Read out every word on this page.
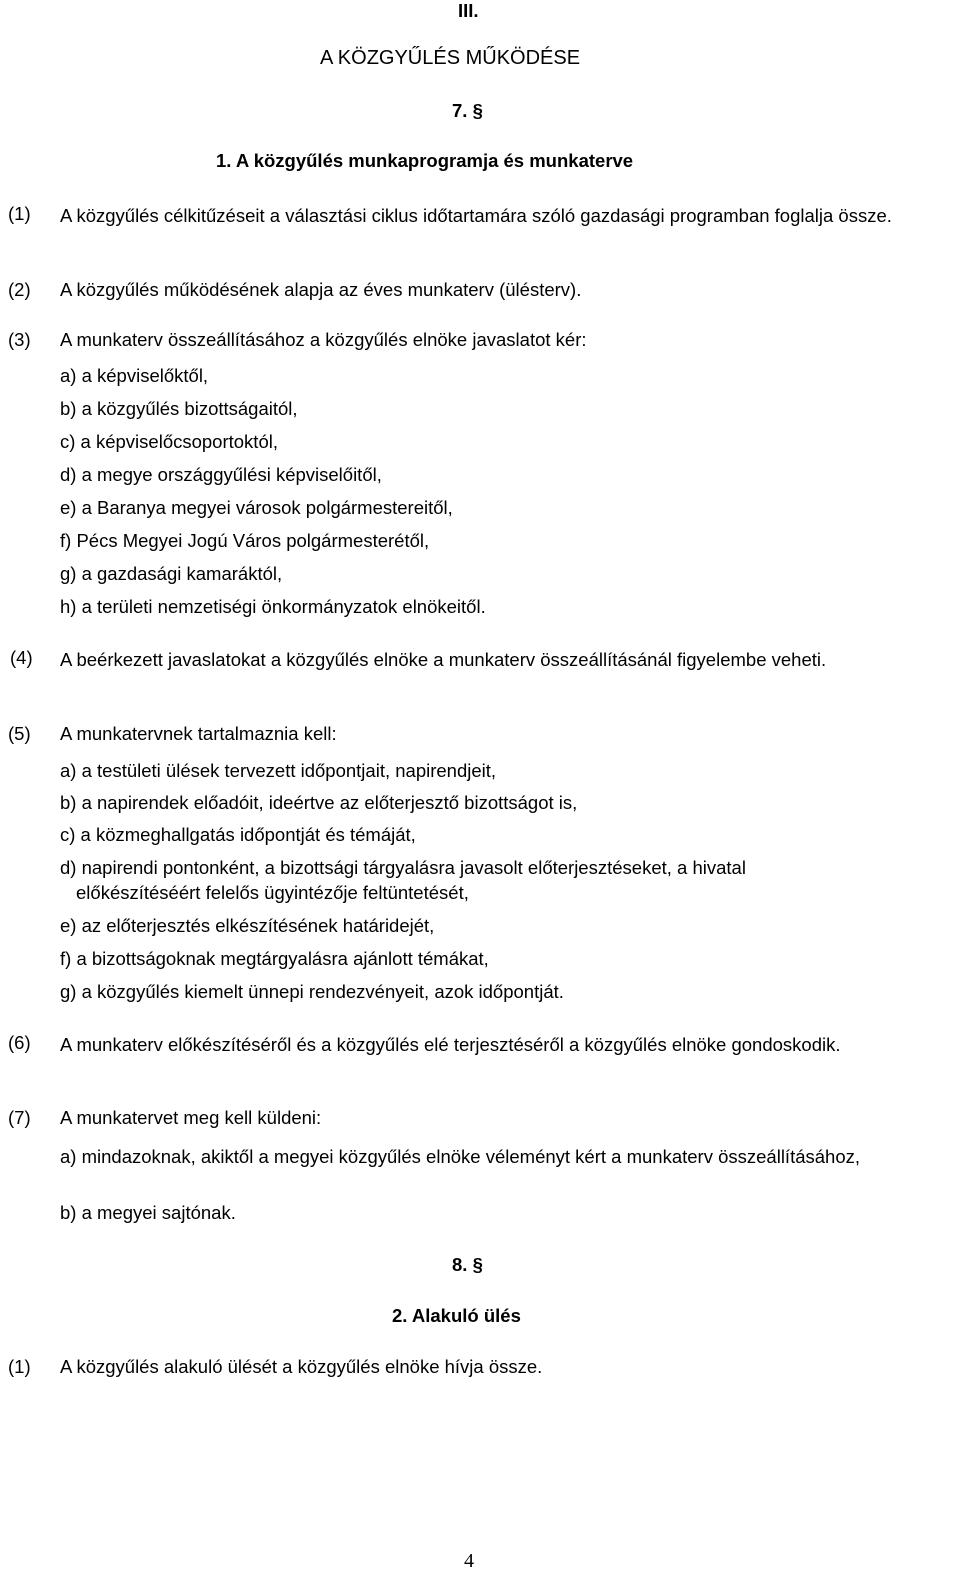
III.
A KÖZGYŰLÉS MŰKÖDÉSE
7. §
1. A közgyűlés munkaprogramja és munkaterve
(1) A közgyűlés célkitűzéseit a választási ciklus időtartamára szóló gazdasági programban foglalja össze.
(2) A közgyűlés működésének alapja az éves munkaterv (ülésterv).
(3) A munkaterv összeállításához a közgyűlés elnöke javaslatot kér:
a) a képviselőktől,
b) a közgyűlés bizottságaitól,
c) a képviselőcsoportoktól,
d) a megye országgyűlési képviselőitől,
e) a Baranya megyei városok polgármestereitől,
f) Pécs Megyei Jogú Város polgármesterétől,
g) a gazdasági kamaráktól,
h) a területi nemzetiségi önkormányzatok elnökeitől.
(4) A beérkezett javaslatokat a közgyűlés elnöke a munkaterv összeállításánál figyelembe veheti.
(5) A munkatervnek tartalmaznia kell:
a) a testületi ülések tervezett időpontjait, napirendjeit,
b) a napirendek előadóit, ideértve az előterjesztő bizottságot is,
c) a közmeghallgatás időpontját és témáját,
d) napirendi pontonként, a bizottsági tárgyalásra javasolt előterjesztéseket, a hivatal
előkészítéséért felelős ügyintézője feltüntetését,
e) az előterjesztés elkészítésének határidejét,
f) a bizottságoknak megtárgyalásra ajánlott témákat,
g) a közgyűlés kiemelt ünnepi rendezvényeit, azok időpontját.
(6) A munkaterv előkészítéséről és a közgyűlés elé terjesztéséről a közgyűlés elnöke gondoskodik.
(7) A munkatervet meg kell küldeni:
a) mindazoknak, akiktől a megyei közgyűlés elnöke véleményt kért a munkaterv összeállításához,
b) a megyei sajtónak.
8. §
2. Alakuló ülés
(1) A közgyűlés alakuló ülését a közgyűlés elnöke hívja össze.
4
